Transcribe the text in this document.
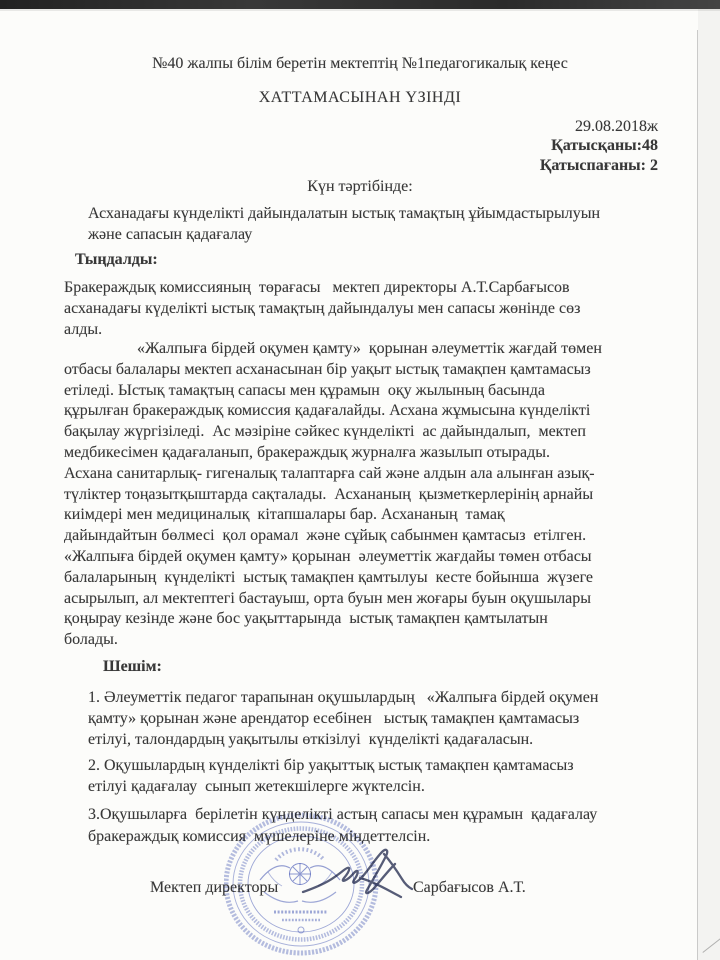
№40 жалпы білім беретін мектептің №1педагогикалық кеңес
ХАТТАМАСЫНАН ҮЗІНДІ
29.08.2018ж
Қатысқаны:48
Қатыспағаны: 2
Күн тәртібінде:
Асханадағы күнделікті дайындалатын ыстық тамақтың ұйымдастырылуын
және сапасын қадағалау
Тыңдалды:
Бракераждық комиссияның  төрағасы   мектеп директоры А.Т.Сарбағысов
асханадағы күделікті ыстық тамақтың дайындалуы мен сапасы жөнінде сөз
алды.
«Жалпыға бірдей оқумен қамту»  қорынан әлеуметтік жағдай төмен
отбасы балалары мектеп асханасынан бір уақыт ыстық тамақпен қамтамасыз
етіледі. Ыстық тамақтың сапасы мен құрамын  оқу жылының басында
құрылған бракераждық комиссия қадағалайды. Асхана жұмысына күнделікті
бақылау жүргізіледі.  Ас мәзіріне сәйкес күнделікті  ас дайындалып,  мектеп
медбикесімен қадағаланып, бракераждық журналға жазылып отырады.
Асхана санитарлық- гигеналық талаптарға сай және алдын ала алынған азық-
түліктер тоңазытқыштарда сақталады.  Асхананың  қызметкерлерінің арнайы
киімдері мен медициналық  кітапшалары бар. Асхананың  тамақ
дайындайтын бөлмесі  қол орамал  және сұйық сабынмен қамтасыз  етілген.
«Жалпыға бірдей оқумен қамту» қорынан  әлеуметтік жағдайы төмен отбасы
балаларының  күнделікті  ыстық тамақпен қамтылуы  кесте бойынша  жүзеге
асырылып, ал мектептегі бастауыш, орта буын мен жоғары буын оқушылары
қоңырау кезінде және бос уақыттарында  ыстық тамақпен қамтылатын
болады.
Шешім:
1. Әлеуметтік педагог тарапынан оқушылардың   «Жалпыға бірдей оқумен
қамту» қорынан және арендатор есебінен   ыстық тамақпен қамтамасыз
етілуі, талондардың уақытылы өткізілуі  күнделікті қадағаласын.
2. Оқушылардың күнделікті бір уақыттық ыстық тамақпен қамтамасыз
етілуі қадағалау  сынып жетекшілерге жүктелсін.
3.Оқушыларға  берілетін күнделікті астың сапасы мен құрамын  қадағалау
бракераждық комиссия  мүшелеріне міндеттелсін.
Мектеп директоры	Сарбағысов А.Т.
